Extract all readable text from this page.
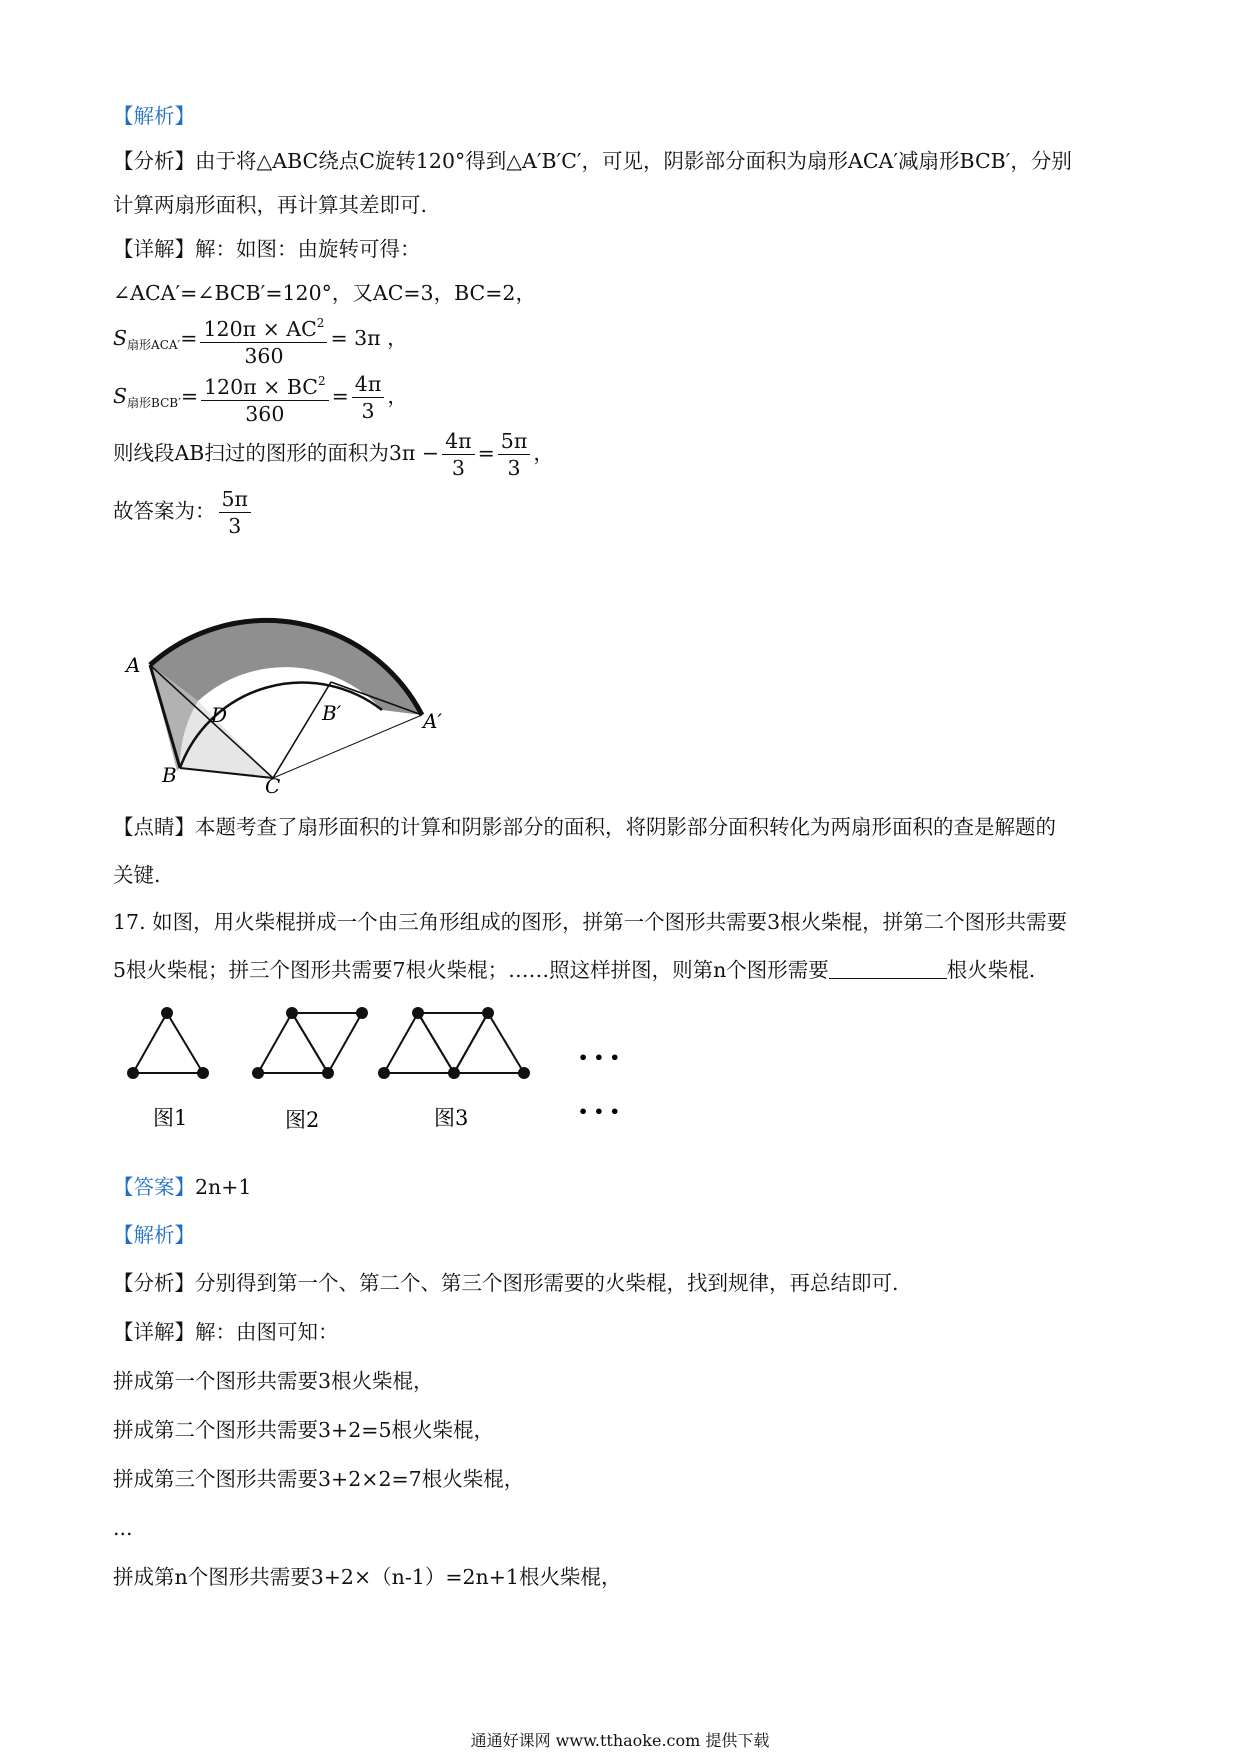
【解析】
【分析】由于将△ABC绕点C旋转120°得到△A′B′C′，可见，阴影部分面积为扇形ACA′减扇形BCB′，分别
计算两扇形面积，再计算其差即可.
【详解】解：如图：由旋转可得：
∠ACA′=∠BCB′=120°，又AC=3，BC=2，
$S_{扇形ACA'}= \frac{120\pi \times AC^2}{360} = 3\pi$ ，
$S_{扇形BCB'}= \frac{120\pi \times BC^2}{360} = \frac{4\pi}{3}$ ，
则线段AB扫过的图形的面积为$3\pi - \frac{4\pi}{3} = \frac{5\pi}{3}$ ，
故答案为： $\frac{5\pi}{3}$
A
D	B′	A′
B	C
【点睛】本题考查了扇形面积的计算和阴影部分的面积，将阴影部分面积转化为两扇形面积的查是解题的
关键.
17. 如图，用火柴棍拼成一个由三角形组成的图形，拼第一个图形共需要3根火柴棍，拼第二个图形共需要
5根火柴棍；拼三个图形共需要7根火柴棍；……照这样拼图，则第n个图形需要	根火柴棍.
• • •
• • •
图1	图2	图3
【答案】2n+1
【解析】
【分析】分别得到第一个、第二个、第三个图形需要的火柴棍，找到规律，再总结即可.
【详解】解：由图可知：
拼成第一个图形共需要3根火柴棍，
拼成第二个图形共需要3+2=5根火柴棍，
拼成第三个图形共需要3+2×2=7根火柴棍，
...
拼成第n个图形共需要3+2×（n-1）=2n+1根火柴棍，
通通好课网 www.tthaoke.com 提供下载
